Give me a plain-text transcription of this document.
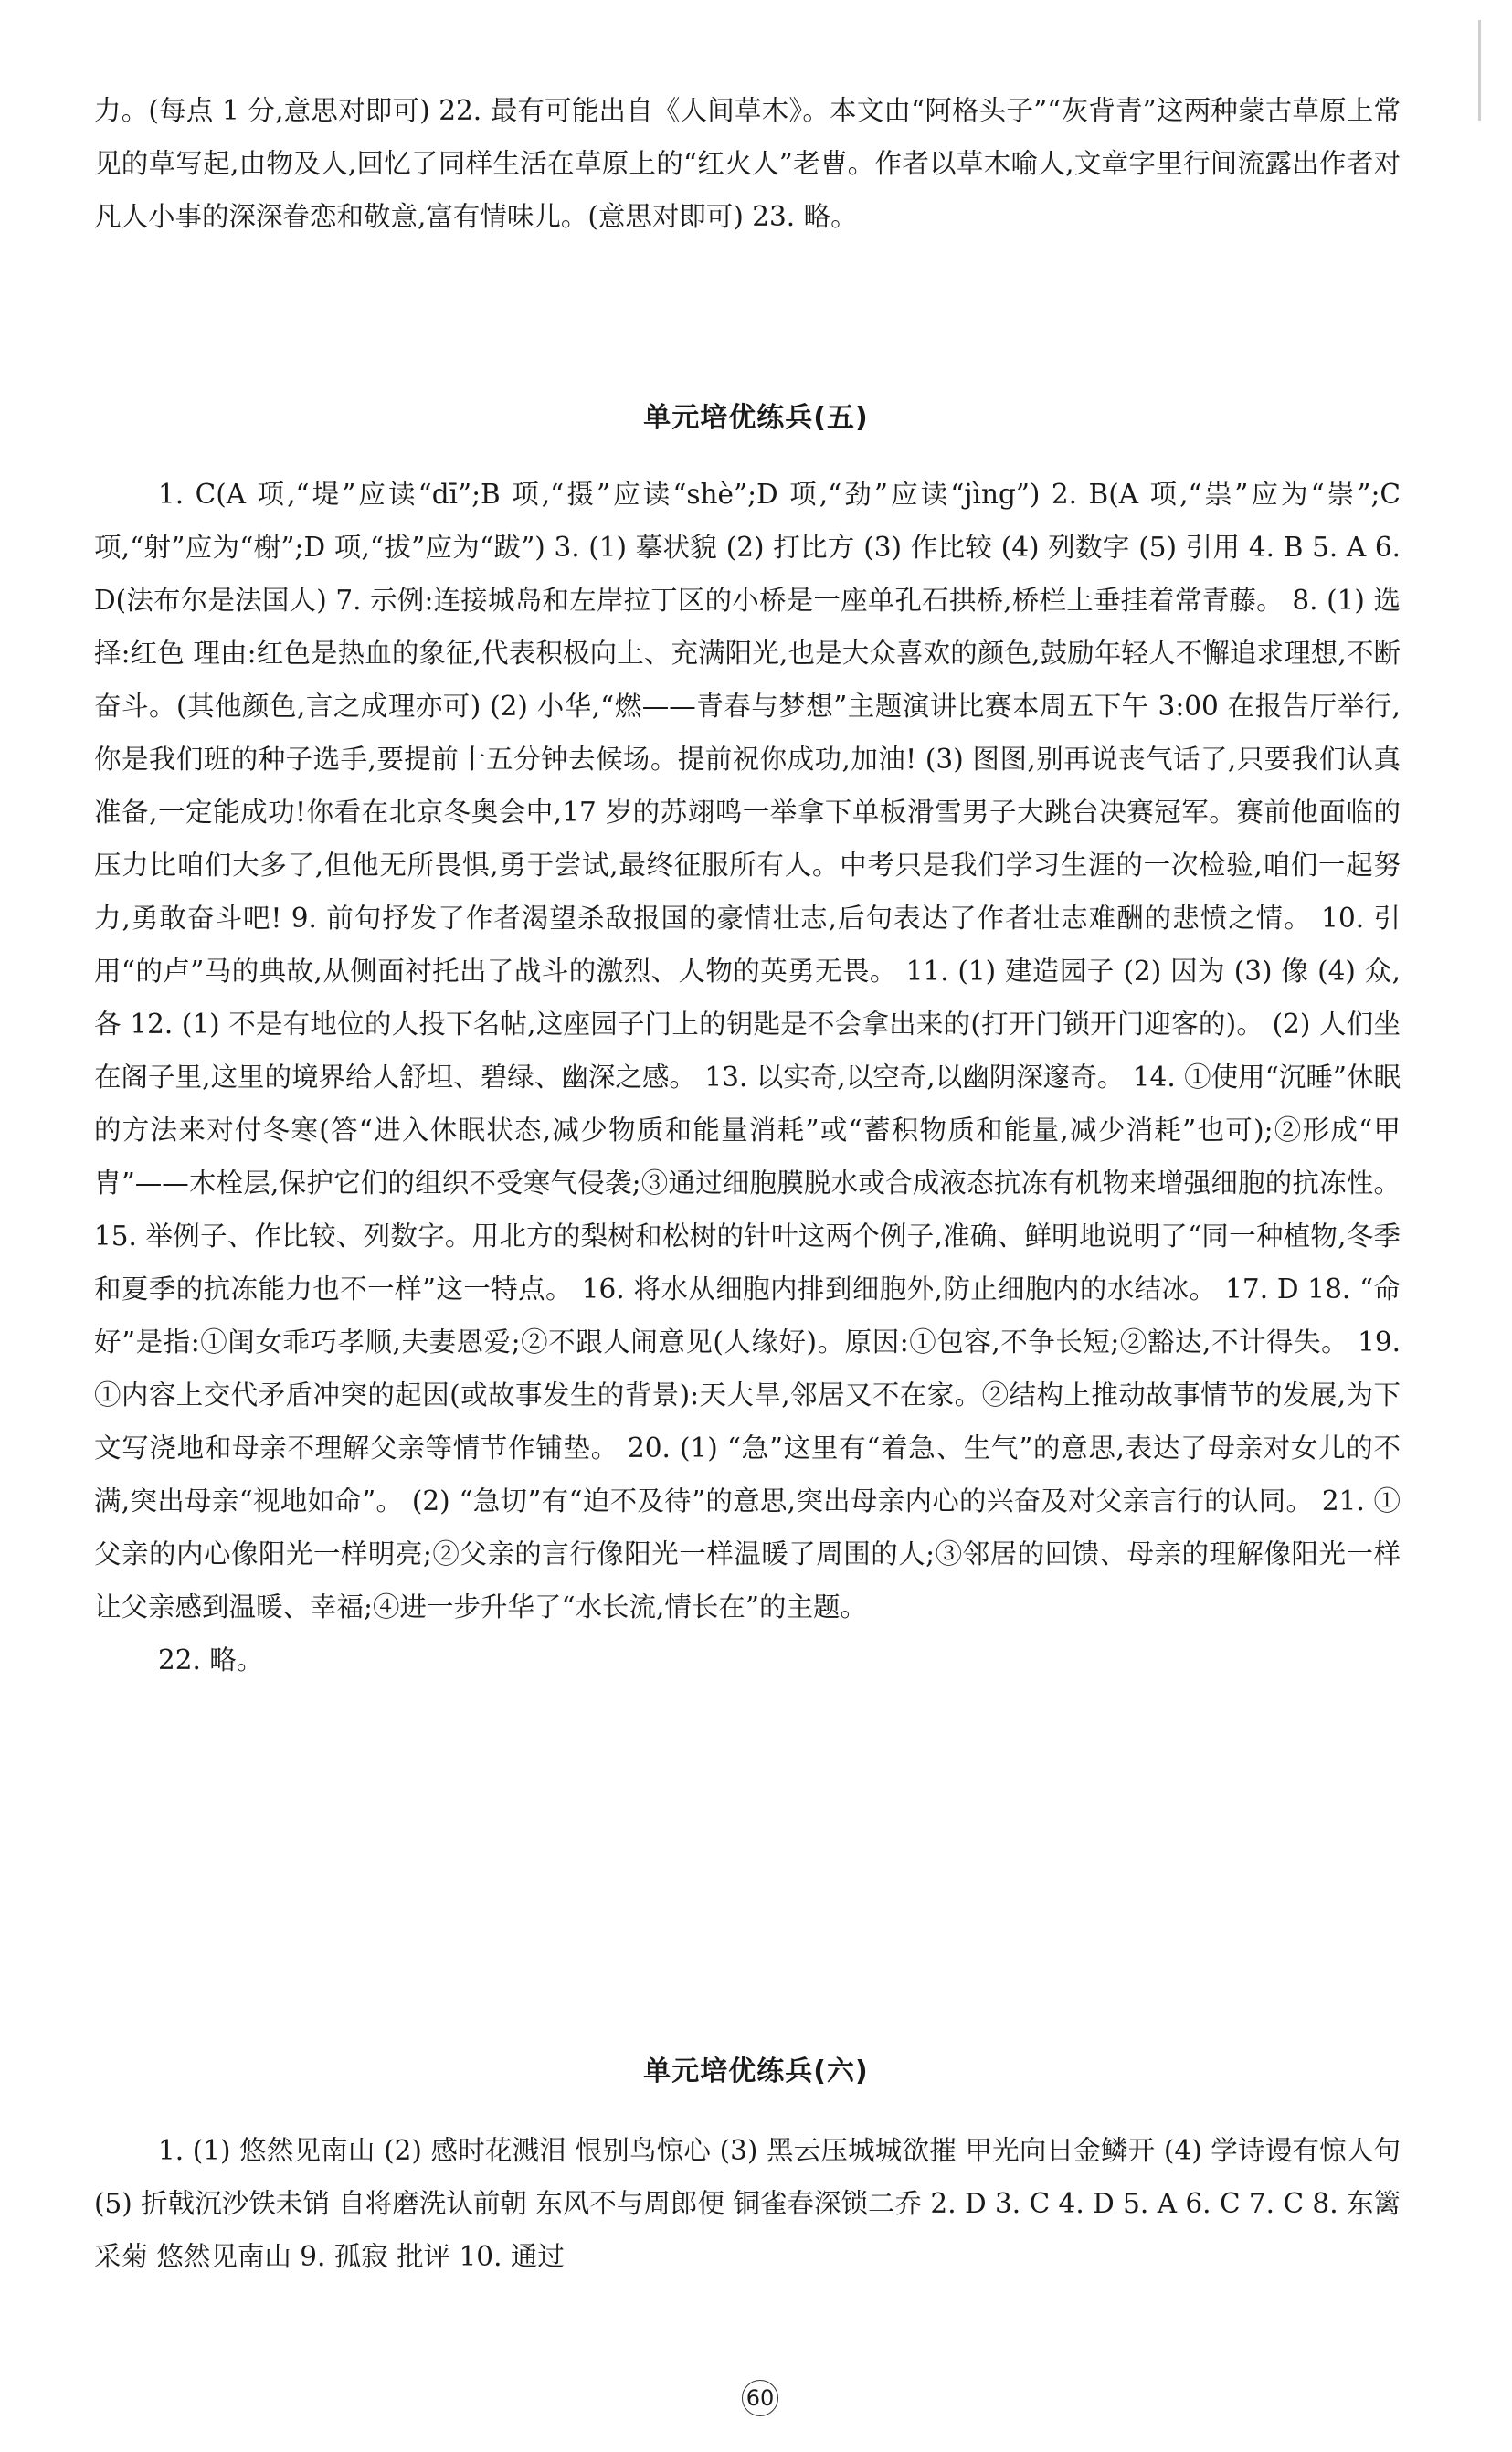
力。(每点 1 分,意思对即可) 22. 最有可能出自《人间草木》。本文由“阿格头子”“灰背青”这两种蒙古草原上常见的草写起,由物及人,回忆了同样生活在草原上的“红火人”老曹。作者以草木喻人,文章字里行间流露出作者对凡人小事的深深眷恋和敬意,富有情味儿。(意思对即可) 23. 略。

单元培优练兵(五)

1. C(A 项,“堤”应读“dī”;B 项,“摄”应读“shè”;D 项,“劲”应读“jìng”) 2. B(A 项,“祟”应为“崇”;C 项,“射”应为“榭”;D 项,“拔”应为“跋”) 3. (1) 摹状貌 (2) 打比方 (3) 作比较 (4) 列数字 (5) 引用 4. B 5. A 6. D(法布尔是法国人) 7. 示例:连接城岛和左岸拉丁区的小桥是一座单孔石拱桥,桥栏上垂挂着常青藤。 8. (1) 选择:红色 理由:红色是热血的象征,代表积极向上、充满阳光,也是大众喜欢的颜色,鼓励年轻人不懈追求理想,不断奋斗。(其他颜色,言之成理亦可) (2) 小华,“燃——青春与梦想”主题演讲比赛本周五下午 3:00 在报告厅举行,你是我们班的种子选手,要提前十五分钟去候场。提前祝你成功,加油! (3) 图图,别再说丧气话了,只要我们认真准备,一定能成功!你看在北京冬奥会中,17 岁的苏翊鸣一举拿下单板滑雪男子大跳台决赛冠军。赛前他面临的压力比咱们大多了,但他无所畏惧,勇于尝试,最终征服所有人。中考只是我们学习生涯的一次检验,咱们一起努力,勇敢奋斗吧! 9. 前句抒发了作者渴望杀敌报国的豪情壮志,后句表达了作者壮志难酬的悲愤之情。 10. 引用“的卢”马的典故,从侧面衬托出了战斗的激烈、人物的英勇无畏。 11. (1) 建造园子 (2) 因为 (3) 像 (4) 众,各 12. (1) 不是有地位的人投下名帖,这座园子门上的钥匙是不会拿出来的(打开门锁开门迎客的)。 (2) 人们坐在阁子里,这里的境界给人舒坦、碧绿、幽深之感。 13. 以实奇,以空奇,以幽阴深邃奇。 14. ①使用“沉睡”休眠的方法来对付冬寒(答“进入休眠状态,减少物质和能量消耗”或“蓄积物质和能量,减少消耗”也可);②形成“甲胄”——木栓层,保护它们的组织不受寒气侵袭;③通过细胞膜脱水或合成液态抗冻有机物来增强细胞的抗冻性。 15. 举例子、作比较、列数字。用北方的梨树和松树的针叶这两个例子,准确、鲜明地说明了“同一种植物,冬季和夏季的抗冻能力也不一样”这一特点。 16. 将水从细胞内排到细胞外,防止细胞内的水结冰。 17. D 18. “命好”是指:①闺女乖巧孝顺,夫妻恩爱;②不跟人闹意见(人缘好)。原因:①包容,不争长短;②豁达,不计得失。 19. ①内容上交代矛盾冲突的起因(或故事发生的背景):天大旱,邻居又不在家。②结构上推动故事情节的发展,为下文写浇地和母亲不理解父亲等情节作铺垫。 20. (1) “急”这里有“着急、生气”的意思,表达了母亲对女儿的不满,突出母亲“视地如命”。 (2) “急切”有“迫不及待”的意思,突出母亲内心的兴奋及对父亲言行的认同。 21. ①父亲的内心像阳光一样明亮;②父亲的言行像阳光一样温暖了周围的人;③邻居的回馈、母亲的理解像阳光一样让父亲感到温暖、幸福;④进一步升华了“水长流,情长在”的主题。

22. 略。

单元培优练兵(六)

1. (1) 悠然见南山 (2) 感时花溅泪 恨别鸟惊心 (3) 黑云压城城欲摧 甲光向日金鳞开 (4) 学诗谩有惊人句 (5) 折戟沉沙铁未销 自将磨洗认前朝 东风不与周郎便 铜雀春深锁二乔 2. D 3. C 4. D 5. A 6. C 7. C 8. 东篱采菊 悠然见南山 9. 孤寂 批评 10. 通过

60
